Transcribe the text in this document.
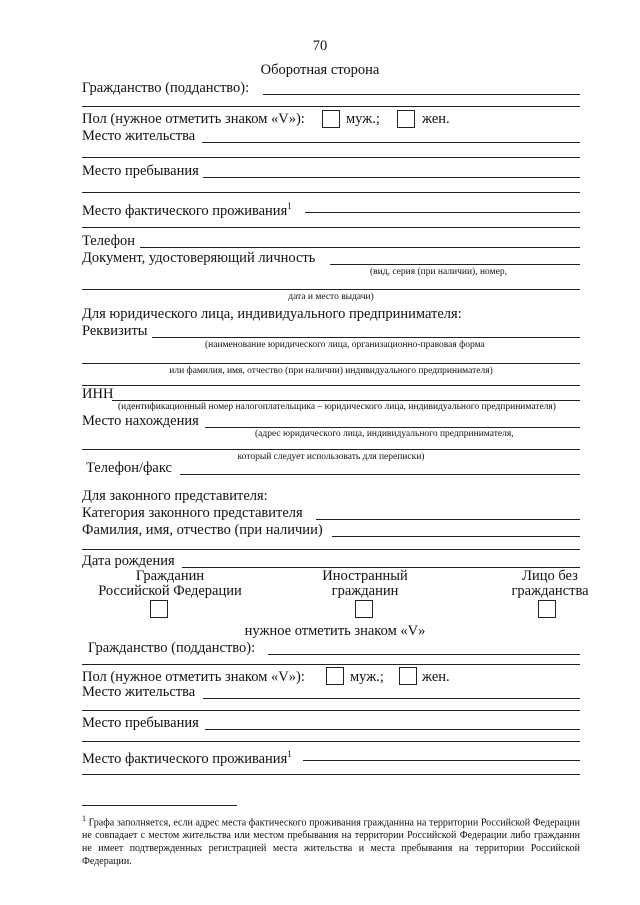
70
Оборотная сторона
Гражданство (подданство):
Пол (нужное отметить знаком «V»):	муж.;	жен.
Место жительства
Место пребывания
Место фактического проживания$^1$
Телефон
Документ, удостоверяющий личность
(вид, серия (при наличии), номер,
дата и место выдачи)
Для юридического лица, индивидуального предпринимателя:
Реквизиты
(наименование юридического лица, организационно-правовая форма
или фамилия, имя, отчество (при наличии) индивидуального предпринимателя)
ИНН
(идентификационный номер налогоплательщика – юридического лица, индивидуального предпринимателя)
Место нахождения
(адрес юридического лица, индивидуального предпринимателя,
который следует использовать для переписки)
Телефон/факс
Для законного представителя:
Категория законного представителя
Фамилия, имя, отчество (при наличии)
Дата рождения
Гражданин
Российской Федерации
Иностранный
гражданин
Лицо без
гражданства
нужное отметить знаком «V»
Гражданство (подданство):
Пол (нужное отметить знаком «V»):	муж.;	жен.
Место жительства
Место пребывания
Место фактического проживания$^1$
$^1$ Графа заполняется, если адрес места фактического проживания гражданина на территории Российской Федерации не совпадает с местом жительства или местом пребывания на территории Российской Федерации либо гражданин не имеет подтвержденных регистрацией места жительства и места пребывания на территории Российской Федерации.
